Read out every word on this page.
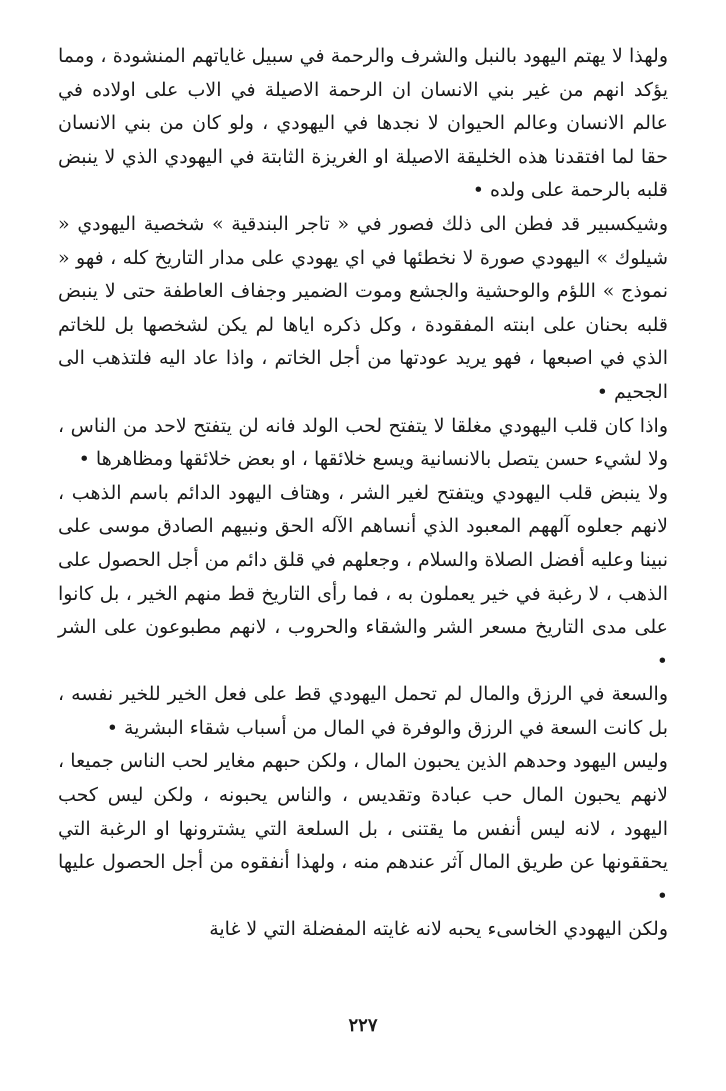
ولهذا لا يهتم اليهود بالنبل والشرف والرحمة في سبيل غاياتهم المنشودة ، ومما يؤكد انهم من غير بني الانسان ان الرحمة الاصيلة في الاب على اولاده في عالم الانسان وعالم الحيوان لا نجدها في اليهودي ، ولو كان من بني الانسان حقا لما افتقدنا هذه الخليقة الاصيلة او الغريزة الثابتة في اليهودي الذي لا ينبض قلبه بالرحمة على ولده •

وشيكسبير قد فطن الى ذلك فصور في « تاجر البندقية » شخصية اليهودي « شيلوك » اليهودي صورة لا نخطئها في اي يهودي على مدار التاريخ كله ، فهو « نموذج » اللؤم والوحشية والجشع وموت الضمير وجفاف العاطفة حتى لا ينبض قلبه بحنان على ابنته المفقودة ، وكل ذكره اياها لم يكن لشخصها بل للخاتم الذي في اصبعها ، فهو يريد عودتها من أجل الخاتم ، واذا عاد اليه فلتذهب الى الجحيم •

واذا كان قلب اليهودي مغلقا لا يتفتح لحب الولد فانه لن يتفتح لاحد من الناس ، ولا لشيء حسن يتصل بالانسانية ويسع خلائقها ، او بعض خلائقها ومظاهرها •

ولا ينبض قلب اليهودي ويتفتح لغير الشر ، وهتاف اليهود الدائم باسم الذهب ، لانهم جعلوه آلههم المعبود الذي أنساهم الآله الحق ونبيهم الصادق موسى على نبينا وعليه أفضل الصلاة والسلام ، وجعلهم في قلق دائم من أجل الحصول على الذهب ، لا رغبة في خير يعملون به ، فما رأى التاريخ قط منهم الخير ، بل كانوا على مدى التاريخ مسعر الشر والشقاء والحروب ، لانهم مطبوعون على الشر •

والسعة في الرزق والمال لم تحمل اليهودي قط على فعل الخير للخير نفسه ، بل كانت السعة في الرزق والوفرة في المال من أسباب شقاء البشرية •

وليس اليهود وحدهم الذين يحبون المال ، ولكن حبهم مغاير لحب الناس جميعا ، لانهم يحبون المال حب عبادة وتقديس ، والناس يحبونه ، ولكن ليس كحب اليهود ، لانه ليس أنفس ما يقتنى ، بل السلعة التي يشترونها او الرغبة التي يحققونها عن طريق المال آثر عندهم منه ، ولهذا أنفقوه من أجل الحصول عليها •

ولكن اليهودي الخاسىء يحبه لانه غايته المفضلة التي لا غاية

٢٢٧
